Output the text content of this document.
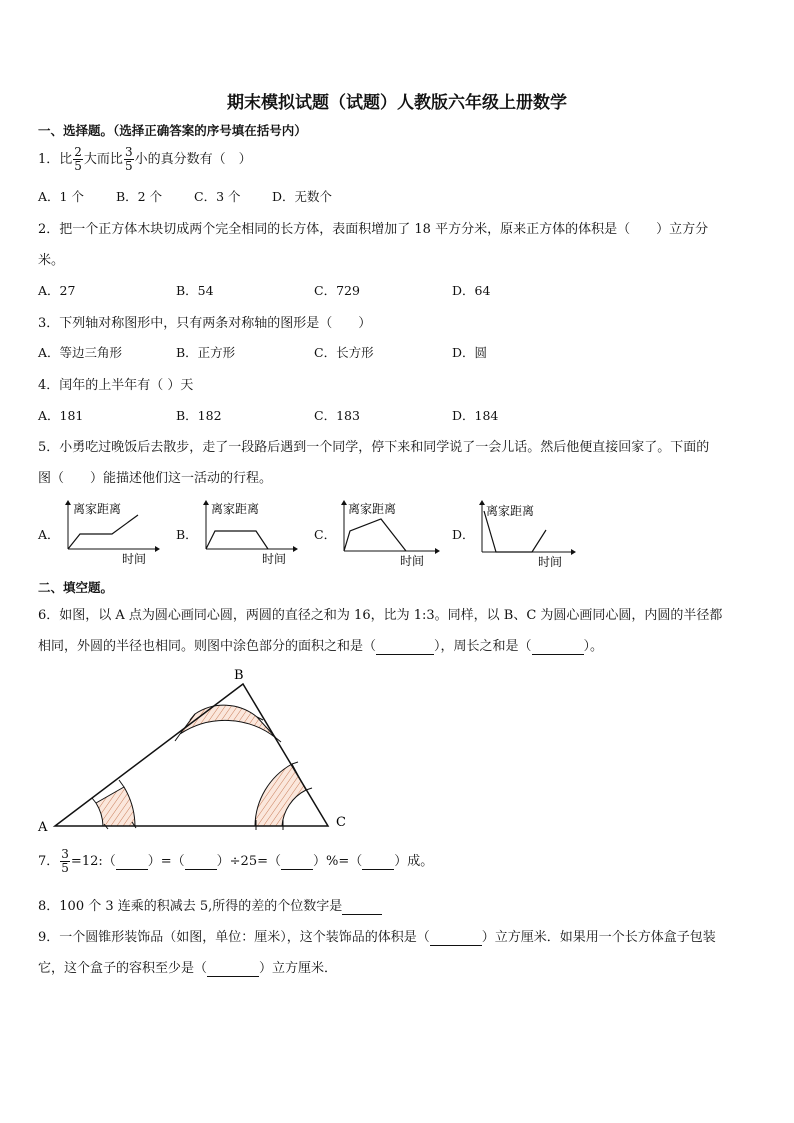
期末模拟试题（试题）人教版六年级上册数学
一、选择题。（选择正确答案的序号填在括号内）
1．比 $\frac{2}{5}$ 大而比 $\frac{3}{5}$ 小的真分数有（　）
A．1 个	B．2 个	C．3 个	D．无数个
2．把一个正方体木块切成两个完全相同的长方体，表面积增加了 18 平方分米，原来正方体的体积是（　　）立方分
米。
A．27	B．54	C．729	D．64
3．下列轴对称图形中，只有两条对称轴的图形是（　　）
A．等边三角形	B．正方形	C．长方形	D．圆
4．闰年的上半年有（ ）天
A．181	B．182	C．183	D．184
5．小勇吃过晚饭后去散步，走了一段路后遇到一个同学，停下来和同学说了一会儿话。然后他便直接回家了。下面的
图（　　）能描述他们这一活动的行程。
A．
离家距离
时间
B．
离家距离
时间
C．
离家距离
时间
D．
离家距离
时间
二、填空题。
6．如图，以 A 点为圆心画同心圆，两圆的直径之和为 16，比为 1:3。同样，以 B、C 为圆心画同心圆，内圆的半径都
相同，外圆的半径也相同。则图中涂色部分的面积之和是（	），周长之和是（	）。
A
B
C
7． $\frac{3}{5}$ =12:（ ）=（ ）÷25=（ ）%=（ ）成。
8．100 个 3 连乘的积减去 5,所得的差的个位数字是
9．一个圆锥形装饰品（如图，单位：厘米），这个装饰品的体积是（	）立方厘米．如果用一个长方体盒子包装
它，这个盒子的容积至少是（	）立方厘米．
